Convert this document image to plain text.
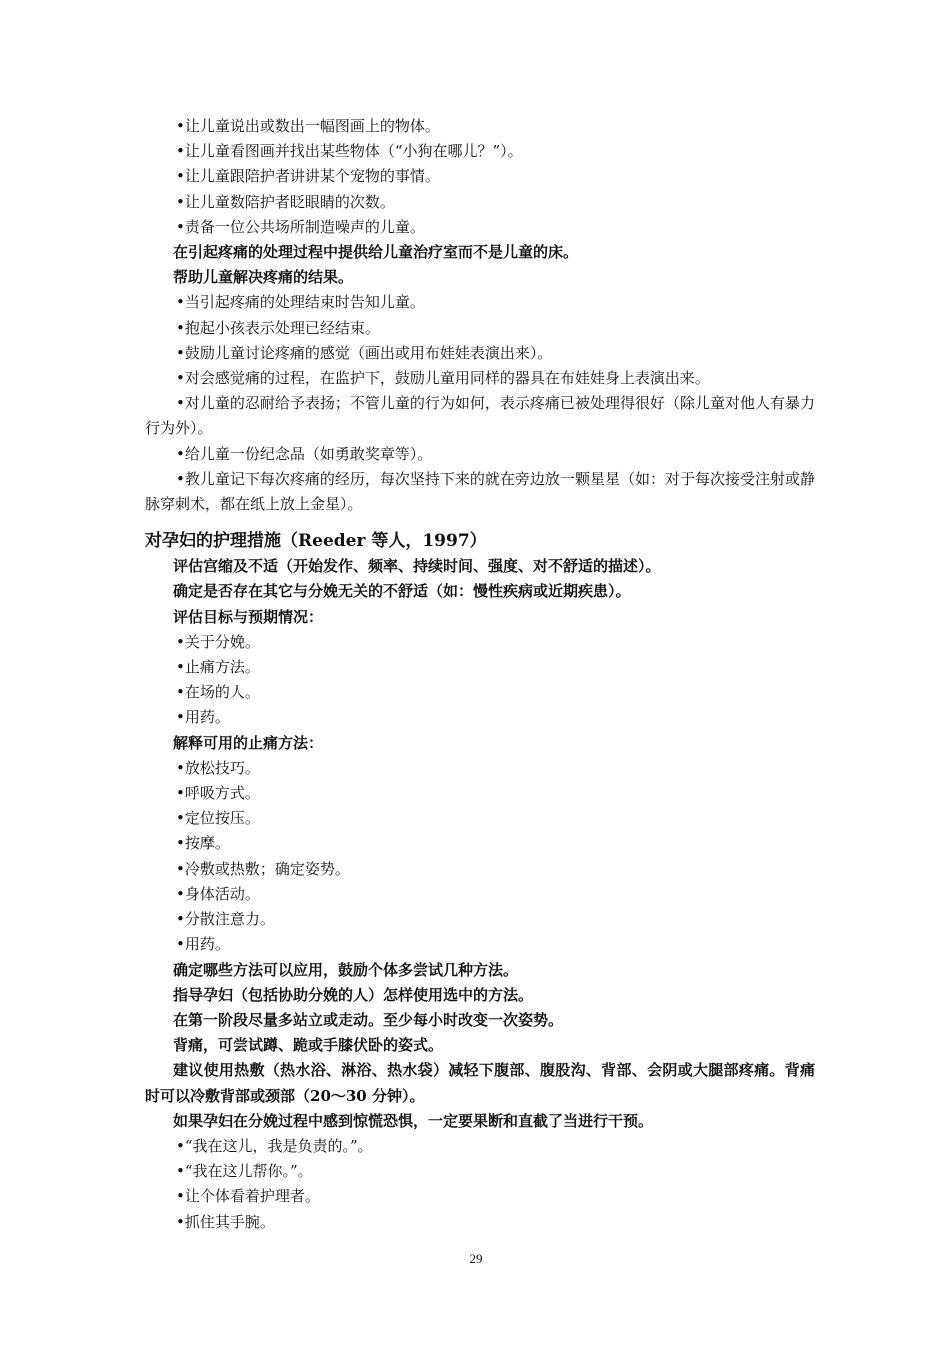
•让儿童说出或数出一幅图画上的物体。

•让儿童看图画并找出某些物体（“小狗在哪儿？”）。

•让儿童跟陪护者讲讲某个宠物的事情。

•让儿童数陪护者眨眼睛的次数。

•责备一位公共场所制造噪声的儿童。

在引起疼痛的处理过程中提供给儿童治疗室而不是儿童的床。

帮助儿童解决疼痛的结果。

•当引起疼痛的处理结束时告知儿童。

•抱起小孩表示处理已经结束。

•鼓励儿童讨论疼痛的感觉（画出或用布娃娃表演出来）。

•对会感觉痛的过程，在监护下，鼓励儿童用同样的器具在布娃娃身上表演出来。

•对儿童的忍耐给予表扬；不管儿童的行为如何，表示疼痛已被处理得很好（除儿童对他人有暴力行为外）。

•给儿童一份纪念品（如勇敢奖章等）。

•教儿童记下每次疼痛的经历，每次坚持下来的就在旁边放一颗星星（如：对于每次接受注射或静脉穿刺术，都在纸上放上金星）。

对孕妇的护理措施（Reeder 等人，1997）

评估宫缩及不适（开始发作、频率、持续时间、强度、对不舒适的描述）。

确定是否存在其它与分娩无关的不舒适（如：慢性疾病或近期疾患）。

评估目标与预期情况：

•关于分娩。

•止痛方法。

•在场的人。

•用药。

解释可用的止痛方法：

•放松技巧。

•呼吸方式。

•定位按压。

•按摩。

•冷敷或热敷；确定姿势。

•身体活动。

•分散注意力。

•用药。

确定哪些方法可以应用，鼓励个体多尝试几种方法。

指导孕妇（包括协助分娩的人）怎样使用选中的方法。

在第一阶段尽量多站立或走动。至少每小时改变一次姿势。

背痛，可尝试蹲、跪或手膝伏卧的姿式。

建议使用热敷（热水浴、淋浴、热水袋）减轻下腹部、腹股沟、背部、会阴或大腿部疼痛。背痛时可以冷敷背部或颈部（20～30 分钟）。

如果孕妇在分娩过程中感到惊慌恐惧，一定要果断和直截了当进行干预。

•“我在这儿，我是负责的。”。

•“我在这儿帮你。”。

•让个体看着护理者。

•抓住其手腕。

29
